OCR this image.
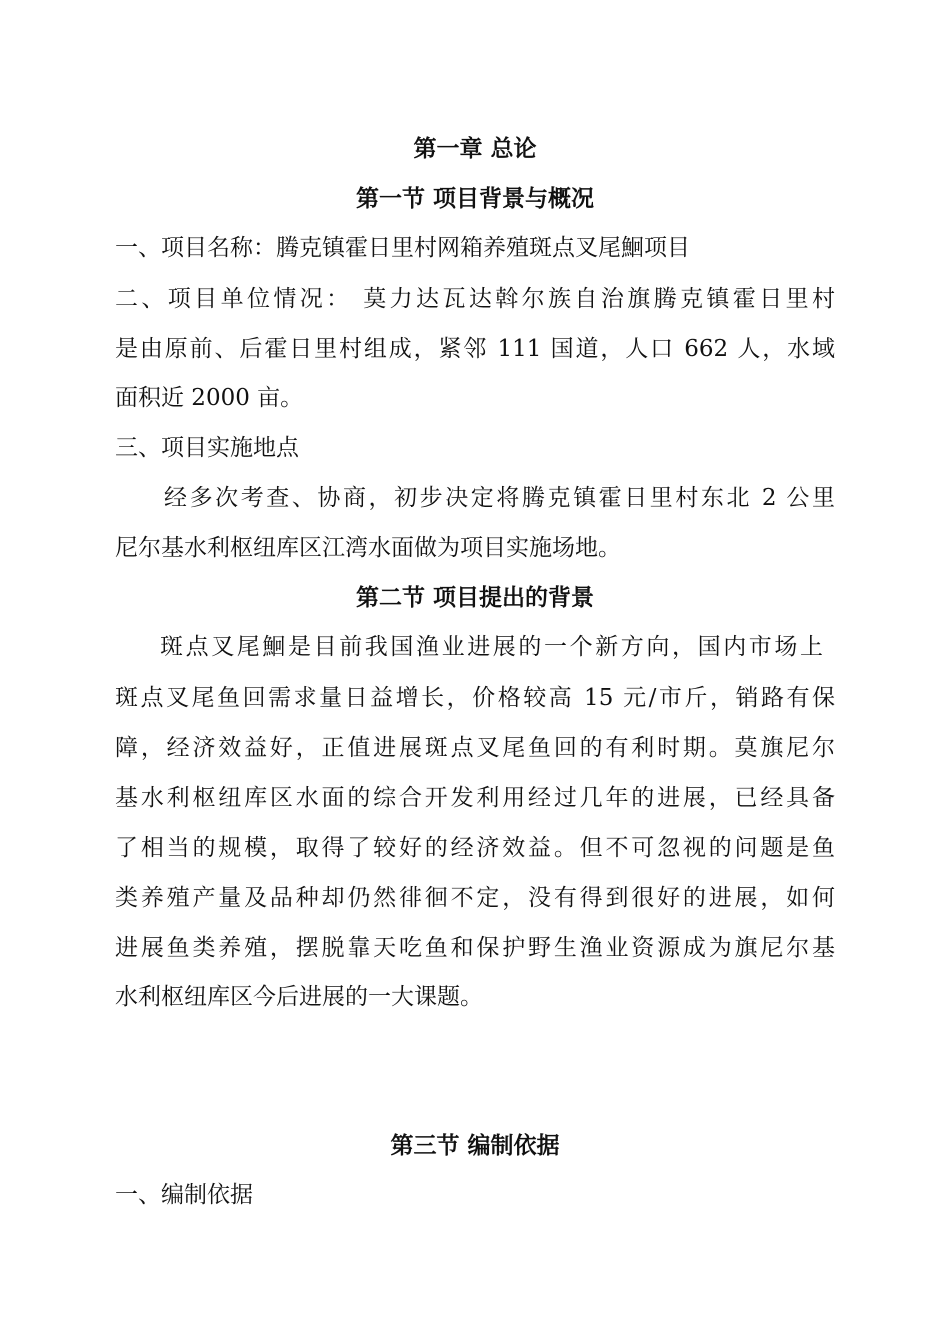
第一章 总论
第一节 项目背景与概况
一、项目名称：腾克镇霍日里村网箱养殖斑点叉尾鮰项目
二、项目单位情况： 莫力达瓦达斡尔族自治旗腾克镇霍日里村
是由原前、后霍日里村组成，紧邻 111 国道，人口 662 人，水域
面积近 2000 亩。
三、项目实施地点
经多次考查、协商，初步决定将腾克镇霍日里村东北 2 公里
尼尔基水利枢纽库区江湾水面做为项目实施场地。
第二节 项目提出的背景
斑点叉尾鮰是目前我国渔业进展的一个新方向，国内市场上
斑点叉尾鱼回需求量日益增长，价格较高 15 元/市斤，销路有保
障，经济效益好，正值进展斑点叉尾鱼回的有利时期。莫旗尼尔
基水利枢纽库区水面的综合开发利用经过几年的进展，已经具备
了相当的规模，取得了较好的经济效益。但不可忽视的问题是鱼
类养殖产量及品种却仍然徘徊不定，没有得到很好的进展，如何
进展鱼类养殖，摆脱靠天吃鱼和保护野生渔业资源成为旗尼尔基
水利枢纽库区今后进展的一大课题。
第三节 编制依据
一、编制依据
